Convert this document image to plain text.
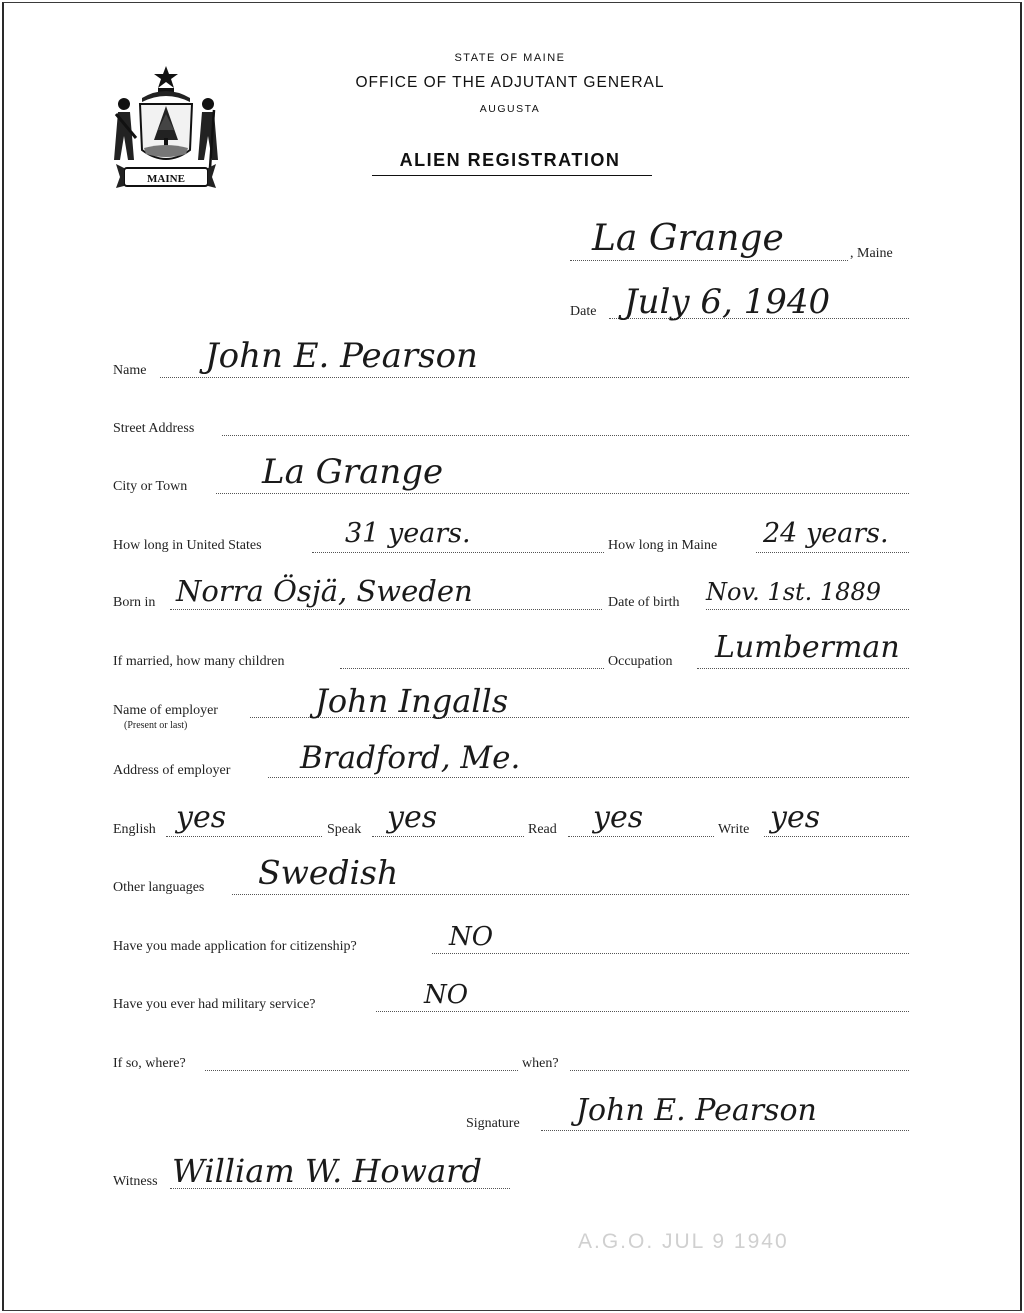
MAINE
STATE OF MAINE
OFFICE OF THE ADJUTANT GENERAL
AUGUSTA
ALIEN REGISTRATION
La Grange	, Maine
Date July 6, 1940
Name John E. Pearson
Street Address
City or Town La Grange
How long in United States	31 years.	How long in Maine 24 years.
Born in Norra Ösjä, Sweden	Date of birth Nov. 1st. 1889
If married, how many children	Occupation Lumberman
Name of employer
(Present or last)
John Ingalls
Address of employer Bradford, Me.
English yes	Speak yes	Read yes	Write yes
Other languages Swedish
Have you made application for citizenship?	NO
Have you ever had military service?	NO
If so, where?	when?
Signature John E. Pearson
Witness William W. Howard
A.G.O. JUL 9 1940
